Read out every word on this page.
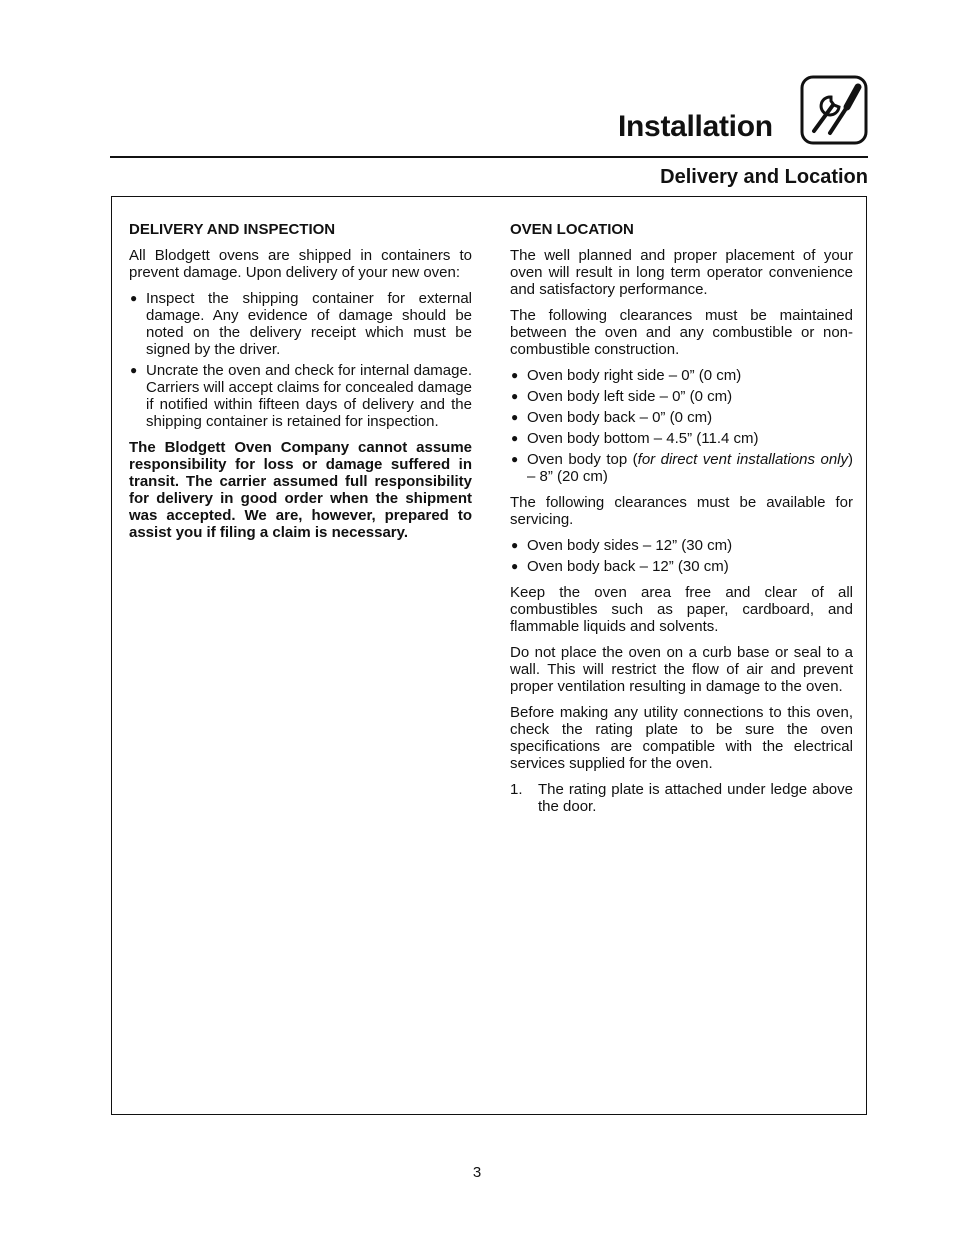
Installation
Delivery and Location
DELIVERY AND INSPECTION

All Blodgett ovens are shipped in containers to prevent damage. Upon delivery of your new oven:

● Inspect the shipping container for external damage. Any evidence of damage should be noted on the delivery receipt which must be signed by the driver.
● Uncrate the oven and check for internal damage. Carriers will accept claims for concealed damage if notified within fifteen days of delivery and the shipping container is retained for inspection.

The Blodgett Oven Company cannot assume responsibility for loss or damage suffered in transit. The carrier assumed full responsibility for delivery in good order when the shipment was accepted. We are, however, prepared to assist you if filing a claim is necessary.

OVEN LOCATION

The well planned and proper placement of your oven will result in long term operator convenience and satisfactory performance.

The following clearances must be maintained between the oven and any combustible or non-combustible construction.

● Oven body right side – 0” (0 cm)
● Oven body left side – 0” (0 cm)
● Oven body back – 0” (0 cm)
● Oven body bottom – 4.5” (11.4 cm)
● Oven body top (for direct vent installations only) – 8” (20 cm)

The following clearances must be available for servicing.

● Oven body sides – 12” (30 cm)
● Oven body back – 12” (30 cm)

Keep the oven area free and clear of all combustibles such as paper, cardboard, and flammable liquids and solvents.

Do not place the oven on a curb base or seal to a wall. This will restrict the flow of air and prevent proper ventilation resulting in damage to the oven.

Before making any utility connections to this oven, check the rating plate to be sure the oven specifications are compatible with the electrical services supplied for the oven.

1. The rating plate is attached under ledge above the door.
3
